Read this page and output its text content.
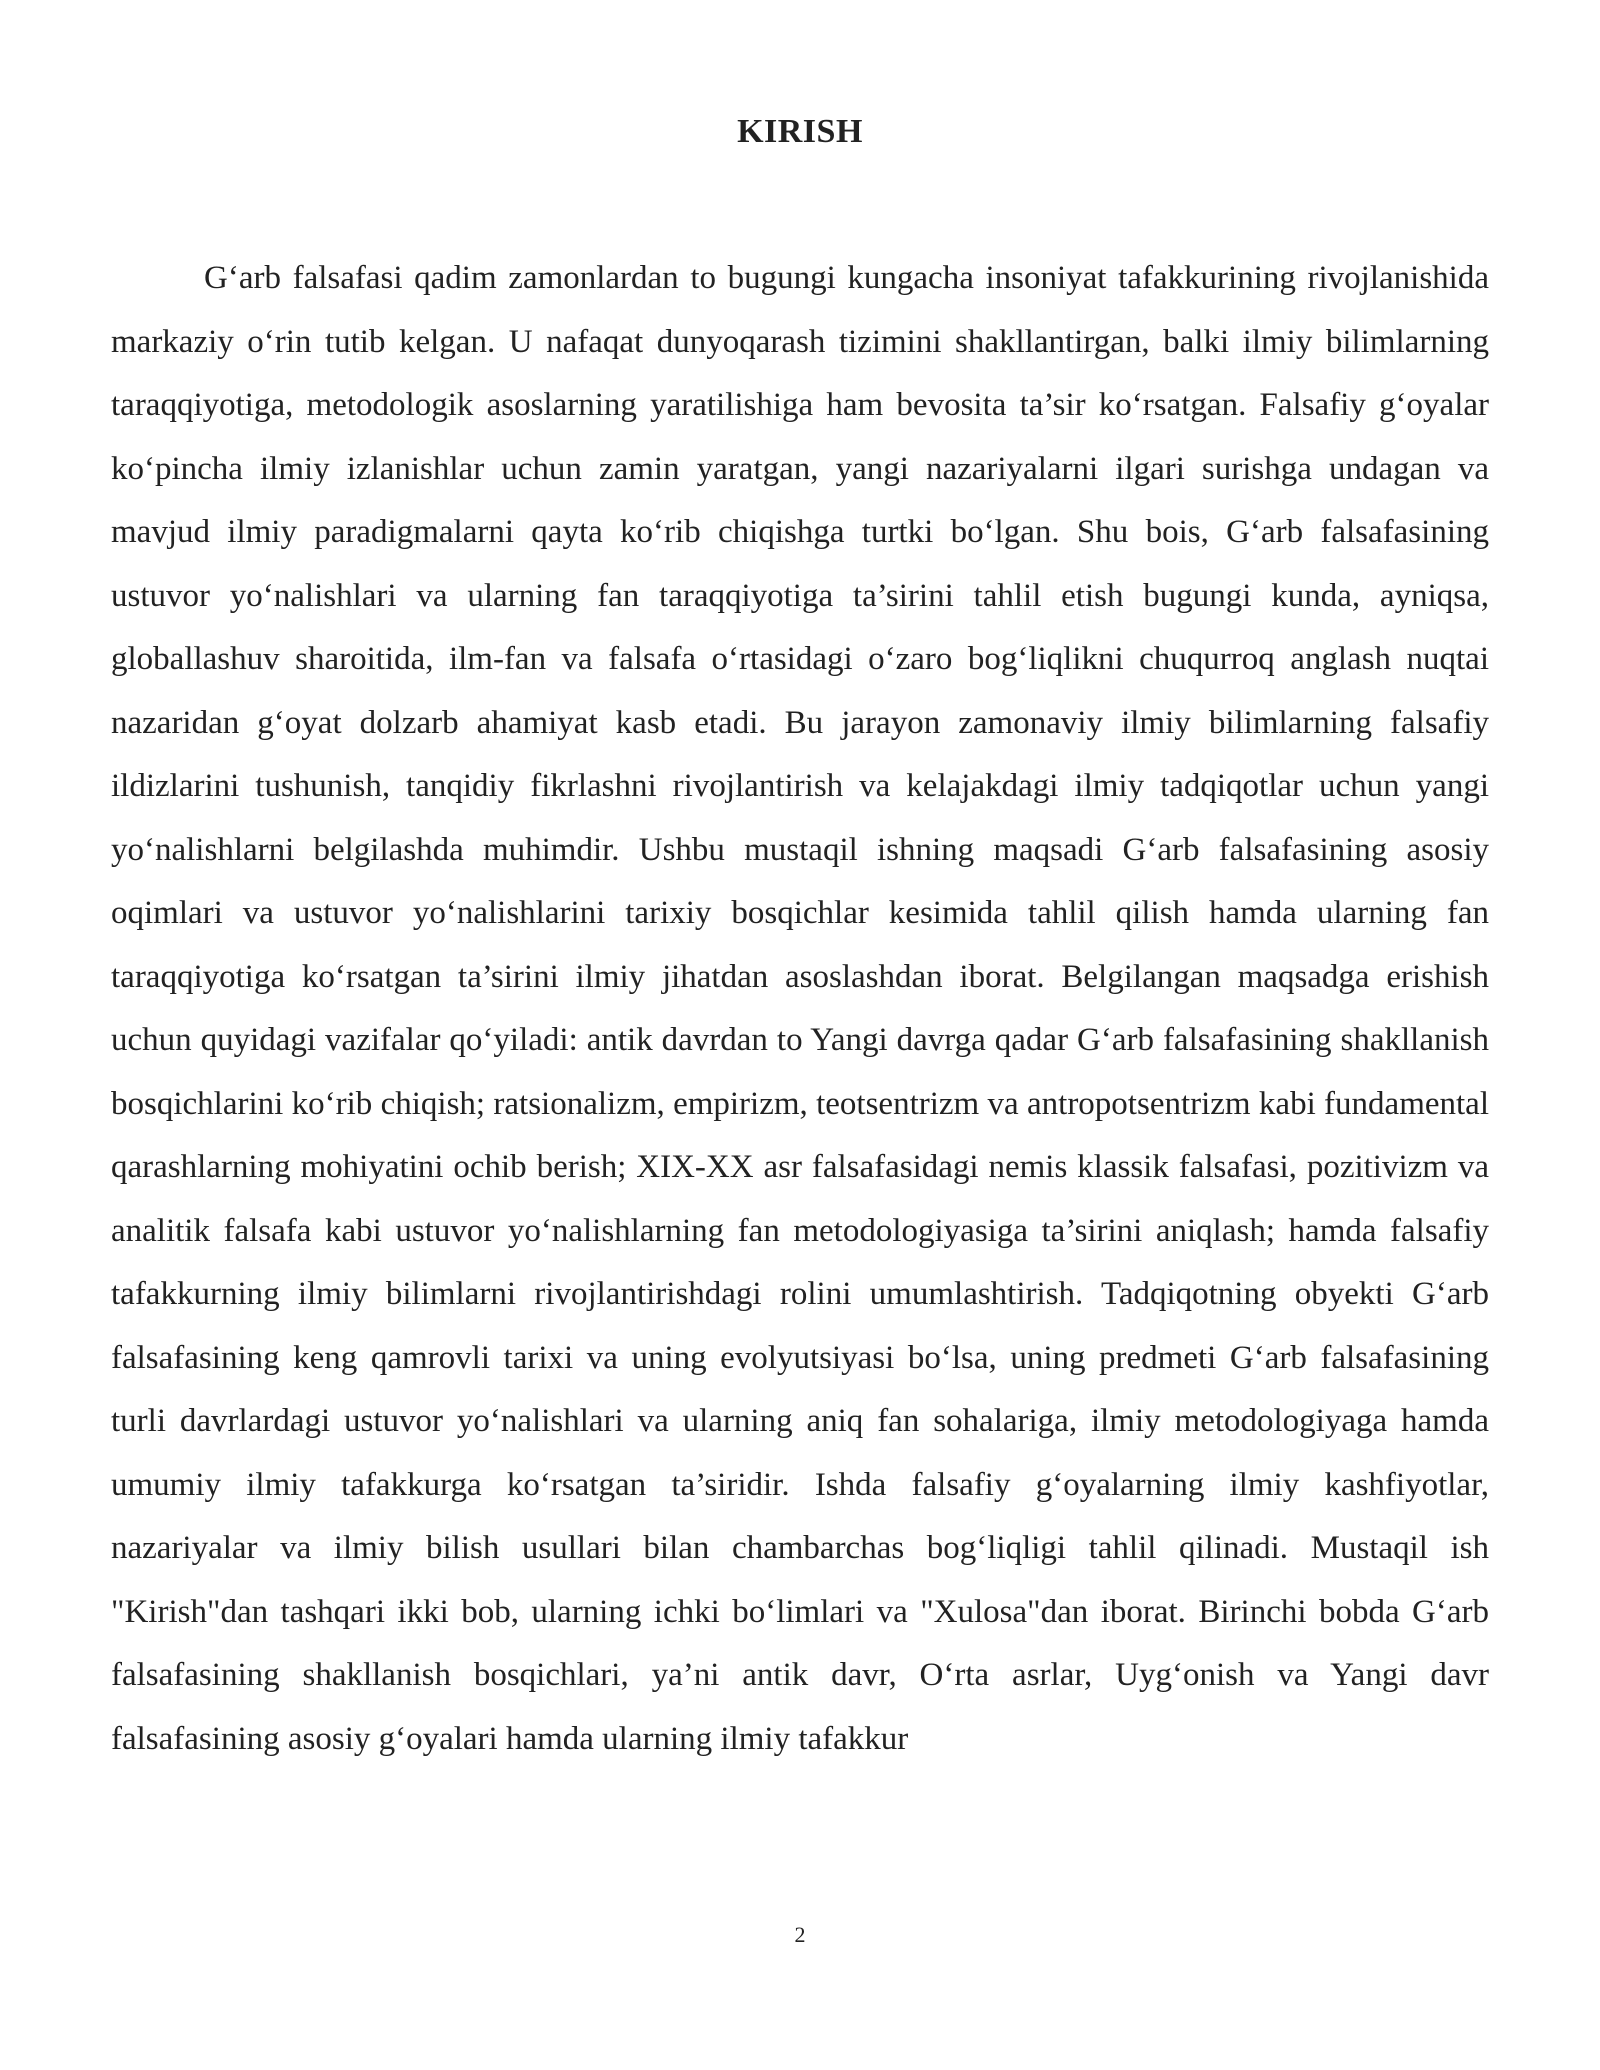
KIRISH

G‘arb falsafasi qadim zamonlardan to bugungi kungacha insoniyat tafakkurining rivojlanishida markaziy o‘rin tutib kelgan. U nafaqat dunyoqarash tizimini shakllantirgan, balki ilmiy bilimlarning taraqqiyotiga, metodologik asoslarning yaratilishiga ham bevosita ta’sir ko‘rsatgan. Falsafiy g‘oyalar ko‘pincha ilmiy izlanishlar uchun zamin yaratgan, yangi nazariyalarni ilgari surishga undagan va mavjud ilmiy paradigmalarni qayta ko‘rib chiqishga turtki bo‘lgan. Shu bois, G‘arb falsafasining ustuvor yo‘nalishlari va ularning fan taraqqiyotiga ta’sirini tahlil etish bugungi kunda, ayniqsa, globallashuv sharoitida, ilm-fan va falsafa o‘rtasidagi o‘zaro bog‘liqlikni chuqurroq anglash nuqtai nazaridan g‘oyat dolzarb ahamiyat kasb etadi. Bu jarayon zamonaviy ilmiy bilimlarning falsafiy ildizlarini tushunish, tanqidiy fikrlashni rivojlantirish va kelajakdagi ilmiy tadqiqotlar uchun yangi yo‘nalishlarni belgilashda muhimdir. Ushbu mustaqil ishning maqsadi G‘arb falsafasining asosiy oqimlari va ustuvor yo‘nalishlarini tarixiy bosqichlar kesimida tahlil qilish hamda ularning fan taraqqiyotiga ko‘rsatgan ta’sirini ilmiy jihatdan asoslashdan iborat. Belgilangan maqsadga erishish uchun quyidagi vazifalar qo‘yiladi: antik davrdan to Yangi davrga qadar G‘arb falsafasining shakllanish bosqichlarini ko‘rib chiqish; ratsionalizm, empirizm, teotsentrizm va antropotsentrizm kabi fundamental qarashlarning mohiyatini ochib berish; XIX-XX asr falsafasidagi nemis klassik falsafasi, pozitivizm va analitik falsafa kabi ustuvor yo‘nalishlarning fan metodologiyasiga ta’sirini aniqlash; hamda falsafiy tafakkurning ilmiy bilimlarni rivojlantirishdagi rolini umumlashtirish. Tadqiqotning obyekti G‘arb falsafasining keng qamrovli tarixi va uning evolyutsiyasi bo‘lsa, uning predmeti G‘arb falsafasining turli davrlardagi ustuvor yo‘nalishlari va ularning aniq fan sohalariga, ilmiy metodologiyaga hamda umumiy ilmiy tafakkurga ko‘rsatgan ta’siridir. Ishda falsafiy g‘oyalarning ilmiy kashfiyotlar, nazariyalar va ilmiy bilish usullari bilan chambarchas bog‘liqligi tahlil qilinadi. Mustaqil ish "Kirish"dan tashqari ikki bob, ularning ichki bo‘limlari va "Xulosa"dan iborat. Birinchi bobda G‘arb falsafasining shakllanish bosqichlari, ya’ni antik davr, O‘rta asrlar, Uyg‘onish va Yangi davr falsafasining asosiy g‘oyalari hamda ularning ilmiy tafakkur

2
